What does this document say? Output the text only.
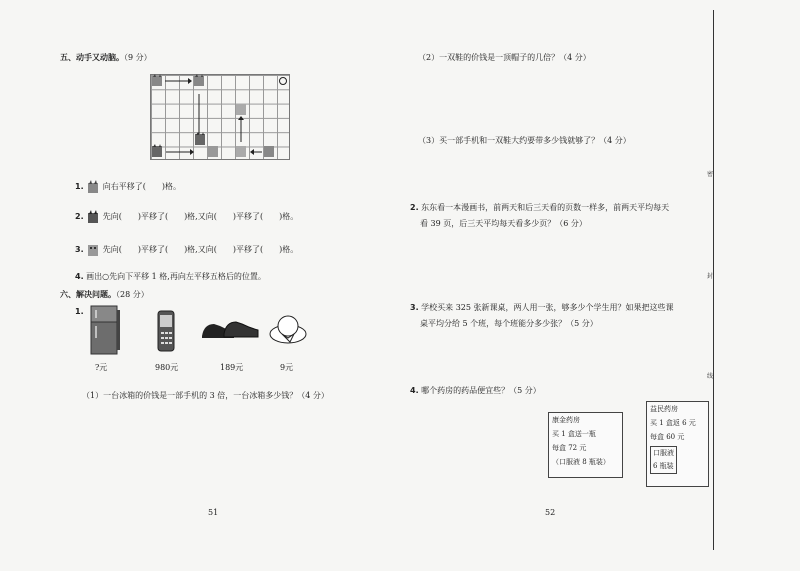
五、动手又动脑。（9 分）
1. 向右平移了(　　)格。
2. 先向(　　)平移了(　　)格,又向(　　)平移了(　　)格。
3. 先向(　　)平移了(　　)格,又向(　　)平移了(　　)格。
4. 画出○先向下平移 1 格,再向左平移五格后的位置。
六、解决问题。（28 分）
1.
?元	980元	189元	9元
（1）一台冰箱的价钱是一部手机的 3 倍，一台冰箱多少钱？（4 分）
51
（2）一双鞋的价钱是一顶帽子的几倍？（4 分）
（3）买一部手机和一双鞋大约要带多少钱就够了？（4 分）
2. 东东看一本漫画书，前两天和后三天看的页数一样多，前两天平均每天
看 39 页，后三天平均每天看多少页？（6 分）
3. 学校买来 325 张新课桌，两人用一张，够多少个学生用？如果把这些课
桌平均分给 5 个班，每个班能分多少张？（5 分）
4. 哪个药房的药品便宜些？（5 分）
康金药房
买 1 盒送一瓶
每盒 72 元
（口服液 8 瓶装）
益民药房
买 1 盒返 6 元
每盒 60 元
口服液
6 瓶装
52
密
封
线
